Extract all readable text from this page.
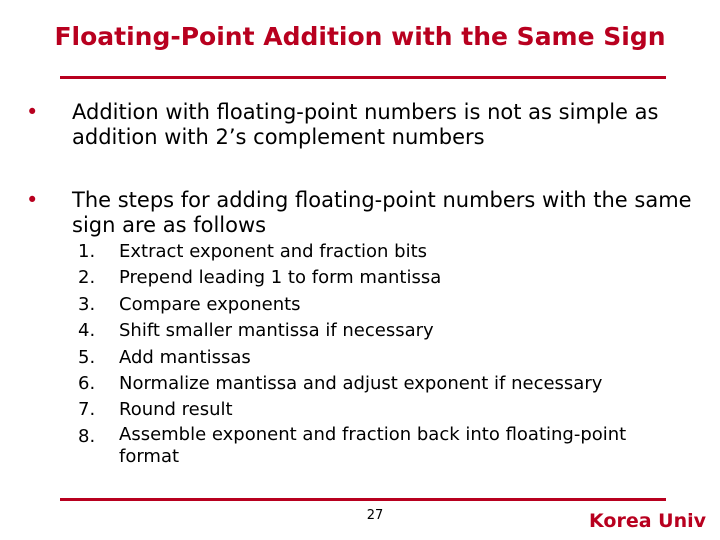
Floating-Point Addition with the Same Sign
•	Addition with floating-point numbers is not as simple as addition with 2’s complement numbers
•	The steps for adding floating-point numbers with the same sign are as follows
1. Extract exponent and fraction bits
2. Prepend leading 1 to form mantissa
3. Compare exponents
4. Shift smaller mantissa if necessary
5. Add mantissas
6. Normalize mantissa and adjust exponent if necessary
7. Round result
8. Assemble exponent and fraction back into floating-point format
27	Korea Univ
